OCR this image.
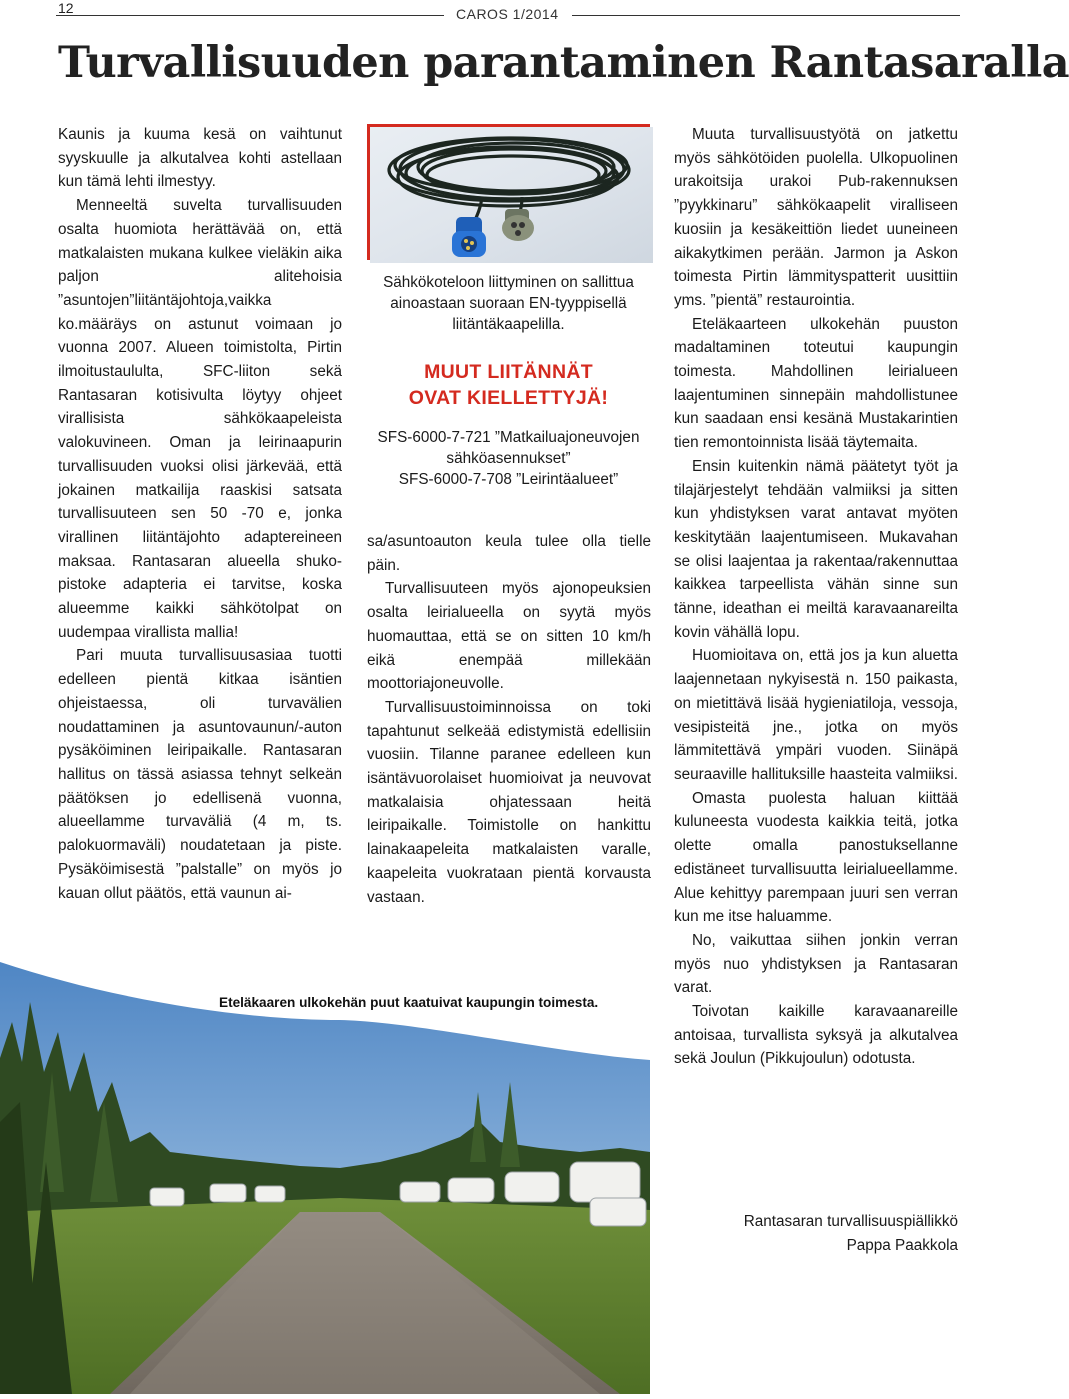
12	CAROS 1/2014
Turvallisuuden parantaminen Rantasaralla

Kaunis ja kuuma kesä on vaihtunut syyskuulle ja alkutalvea kohti astellaan kun tämä lehti ilmestyy.

Menneeltä suvelta turvallisuuden osalta huomiota herättävää on, että matkalaisten mukana kulkee vieläkin aika paljon alitehoisia ”asuntojen”liitäntäjohtoja,vaikka ko.määräys on astunut voimaan jo vuonna 2007. Alueen toimistolta, Pirtin ilmoitustaululta, SFC-liiton sekä Rantasaran kotisivulta löytyy ohjeet virallisista sähkökaapeleista valokuvineen. Oman ja leirinaapurin turvallisuuden vuoksi olisi järkevää, että jokainen matkailija raaskisi satsata turvallisuuteen sen 50 -70 e, jonka virallinen liitäntäjohto adaptereineen maksaa. Rantasaran alueella shuko-pistoke adapteria ei tarvitse, koska alueemme kaikki sähkötolpat on uudempaa virallista mallia!

Pari muuta turvallisuusasiaa tuotti edelleen pientä kitkaa isäntien ohjeistaessa, oli turvavälien noudattaminen ja asuntovaunun/-auton pysäköiminen leiripaikalle. Rantasaran hallitus on tässä asiassa tehnyt selkeän päätöksen jo edellisenä vuonna, alueellamme turvaväliä (4 m, ts. palokuormaväli) noudatetaan ja piste. Pysäköimisestä ”palstalle” on myös jo kauan ollut päätös, että vaunun ai-

Sähkökoteloon liittyminen on sallittua ainoastaan suoraan EN-tyyppisellä liitäntäkaapelilla.
MUUT LIITÄNNÄT
OVAT KIELLETTYJÄ!
SFS-6000-7-721 ”Matkailuajoneuvojen sähköasennukset”
SFS-6000-7-708 ”Leirintäalueet”

sa/asuntoauton keula tulee olla tielle päin.

Turvallisuuteen myös ajonopeuksien osalta leirialueella on syytä myös huomauttaa, että se on sitten 10 km/h eikä enempää millekään moottoriajoneuvolle.

Turvallisuustoiminnoissa on toki tapahtunut selkeää edistymistä edellisiin vuosiin. Tilanne paranee edelleen kun isäntävuorolaiset huomioivat ja neuvovat matkalaisia ohjatessaan heitä leiripaikalle. Toimistolle on hankittu lainakaapeleita matkalaisten varalle, kaapeleita vuokrataan pientä korvausta vastaan.

Muuta turvallisuustyötä on jatkettu myös sähkötöiden puolella. Ulkopuolinen urakoitsija urakoi Pub-rakennuksen ”pyykkinaru” sähkökaapelit viralliseen kuosiin ja kesäkeittiön liedet uuneineen aikakytkimen perään. Jarmon ja Askon toimesta Pirtin lämmityspatterit uusittiin yms. ”pientä” restaurointia.

Eteläkaarteen ulkokehän puuston madaltaminen toteutui kaupungin toimesta. Mahdollinen leirialueen laajentuminen sinnepäin mahdollistunee kun saadaan ensi kesänä Mustakarintien tien remontoinnista lisää täytemaita.

Ensin kuitenkin nämä päätetyt työt ja tilajärjestelyt tehdään valmiiksi ja sitten kun yhdistyksen varat antavat myöten keskitytään laajentumiseen. Mukavahan se olisi laajentaa ja rakentaa/rakennuttaa kaikkea tarpeellista vähän sinne sun tänne, ideathan ei meiltä karavaanareilta kovin vähällä lopu.

Huomioitava on, että jos ja kun aluetta laajennetaan nykyisestä n. 150 paikasta, on mietittävä lisää hygieniatiloja, vessoja, vesipisteitä jne., jotka on myös lämmitettävä ympäri vuoden. Siinäpä seuraaville hallituksille haasteita valmiiksi.

Omasta puolesta haluan kiittää kuluneesta vuodesta kaikkia teitä, jotka olette omalla panostuksellanne edistäneet turvallisuutta leirialueellamme. Alue kehittyy parempaan juuri sen verran kun me itse haluamme.

No, vaikuttaa siihen jonkin verran myös nuo yhdistyksen ja Rantasaran varat.

Toivotan kaikille karavaanareille antoisaa, turvallista syksyä ja alkutalvea sekä Joulun (Pikkujoulun) odotusta.

Rantasaran turvallisuuspiällikkö
Pappa Paakkola
Eteläkaaren ulkokehän puut kaatuivat kaupungin toimesta.
